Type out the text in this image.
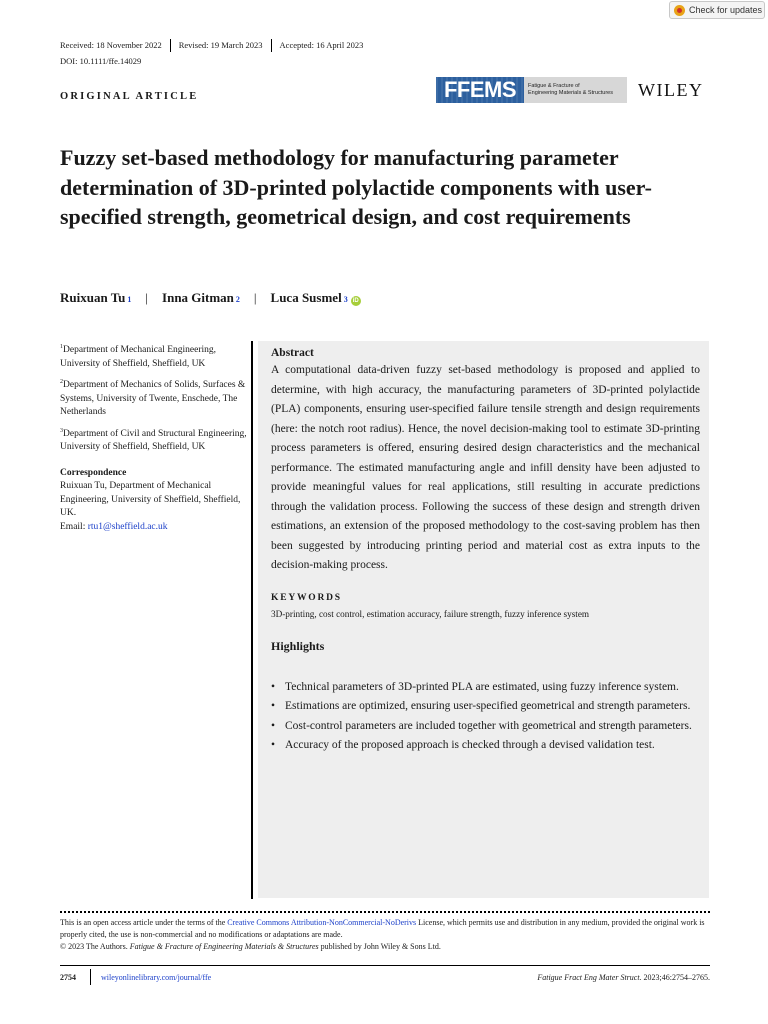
Check for updates
Received: 18 November 2022 Revised: 19 March 2023 Accepted: 16 April 2023
DOI: 10.1111/ffe.14029
ORIGINAL ARTICLE	FFEMS	Fatigue & Fracture of
Engineering Materials & Structures	WILEY
Fuzzy set-based methodology for manufacturing parameter determination of 3D-printed polylactide components with user-specified strength, geometrical design, and cost requirements
Ruixuan Tu 1 | Inna Gitman 2 | Luca Susmel 3 iD
$^1$Department of Mechanical Engineering, University of Sheffield, Sheffield, UK
$^2$Department of Mechanics of Solids, Surfaces & Systems, University of Twente, Enschede, The Netherlands
$^3$Department of Civil and Structural Engineering, University of Sheffield, Sheffield, UK
Correspondence
Ruixuan Tu, Department of Mechanical Engineering, University of Sheffield, Sheffield, UK.
Email: rtu1@sheffield.ac.uk
Abstract
A computational data-driven fuzzy set-based methodology is proposed and applied to determine, with high accuracy, the manufacturing parameters of 3D-printed polylactide (PLA) components, ensuring user-specified failure tensile strength and design requirements (here: the notch root radius). Hence, the novel decision-making tool to estimate 3D-printing process parameters is offered, ensuring desired design characteristics and the mechanical performance. The estimated manufacturing angle and infill density have been adjusted to provide meaningful values for real applications, still resulting in accurate predictions through the validation process. Following the success of these design and strength driven estimations, an extension of the proposed methodology to the cost-saving problem has then been suggested by introducing printing period and material cost as extra inputs to the decision-making process.
KEYWORDS
3D-printing, cost control, estimation accuracy, failure strength, fuzzy inference system
Highlights
• Technical parameters of 3D-printed PLA are estimated, using fuzzy inference system.
• Estimations are optimized, ensuring user-specified geometrical and strength parameters.
• Cost-control parameters are included together with geometrical and strength parameters.
• Accuracy of the proposed approach is checked through a devised validation test.
This is an open access article under the terms of the Creative Commons Attribution-NonCommercial-NoDerivs License, which permits use and distribution in any medium, provided the original work is properly cited, the use is non-commercial and no modifications or adaptations are made.
© 2023 The Authors. Fatigue & Fracture of Engineering Materials & Structures published by John Wiley & Sons Ltd.
2754	wileyonlinelibrary.com/journal/ffe	Fatigue Fract Eng Mater Struct. 2023;46:2754–2765.
